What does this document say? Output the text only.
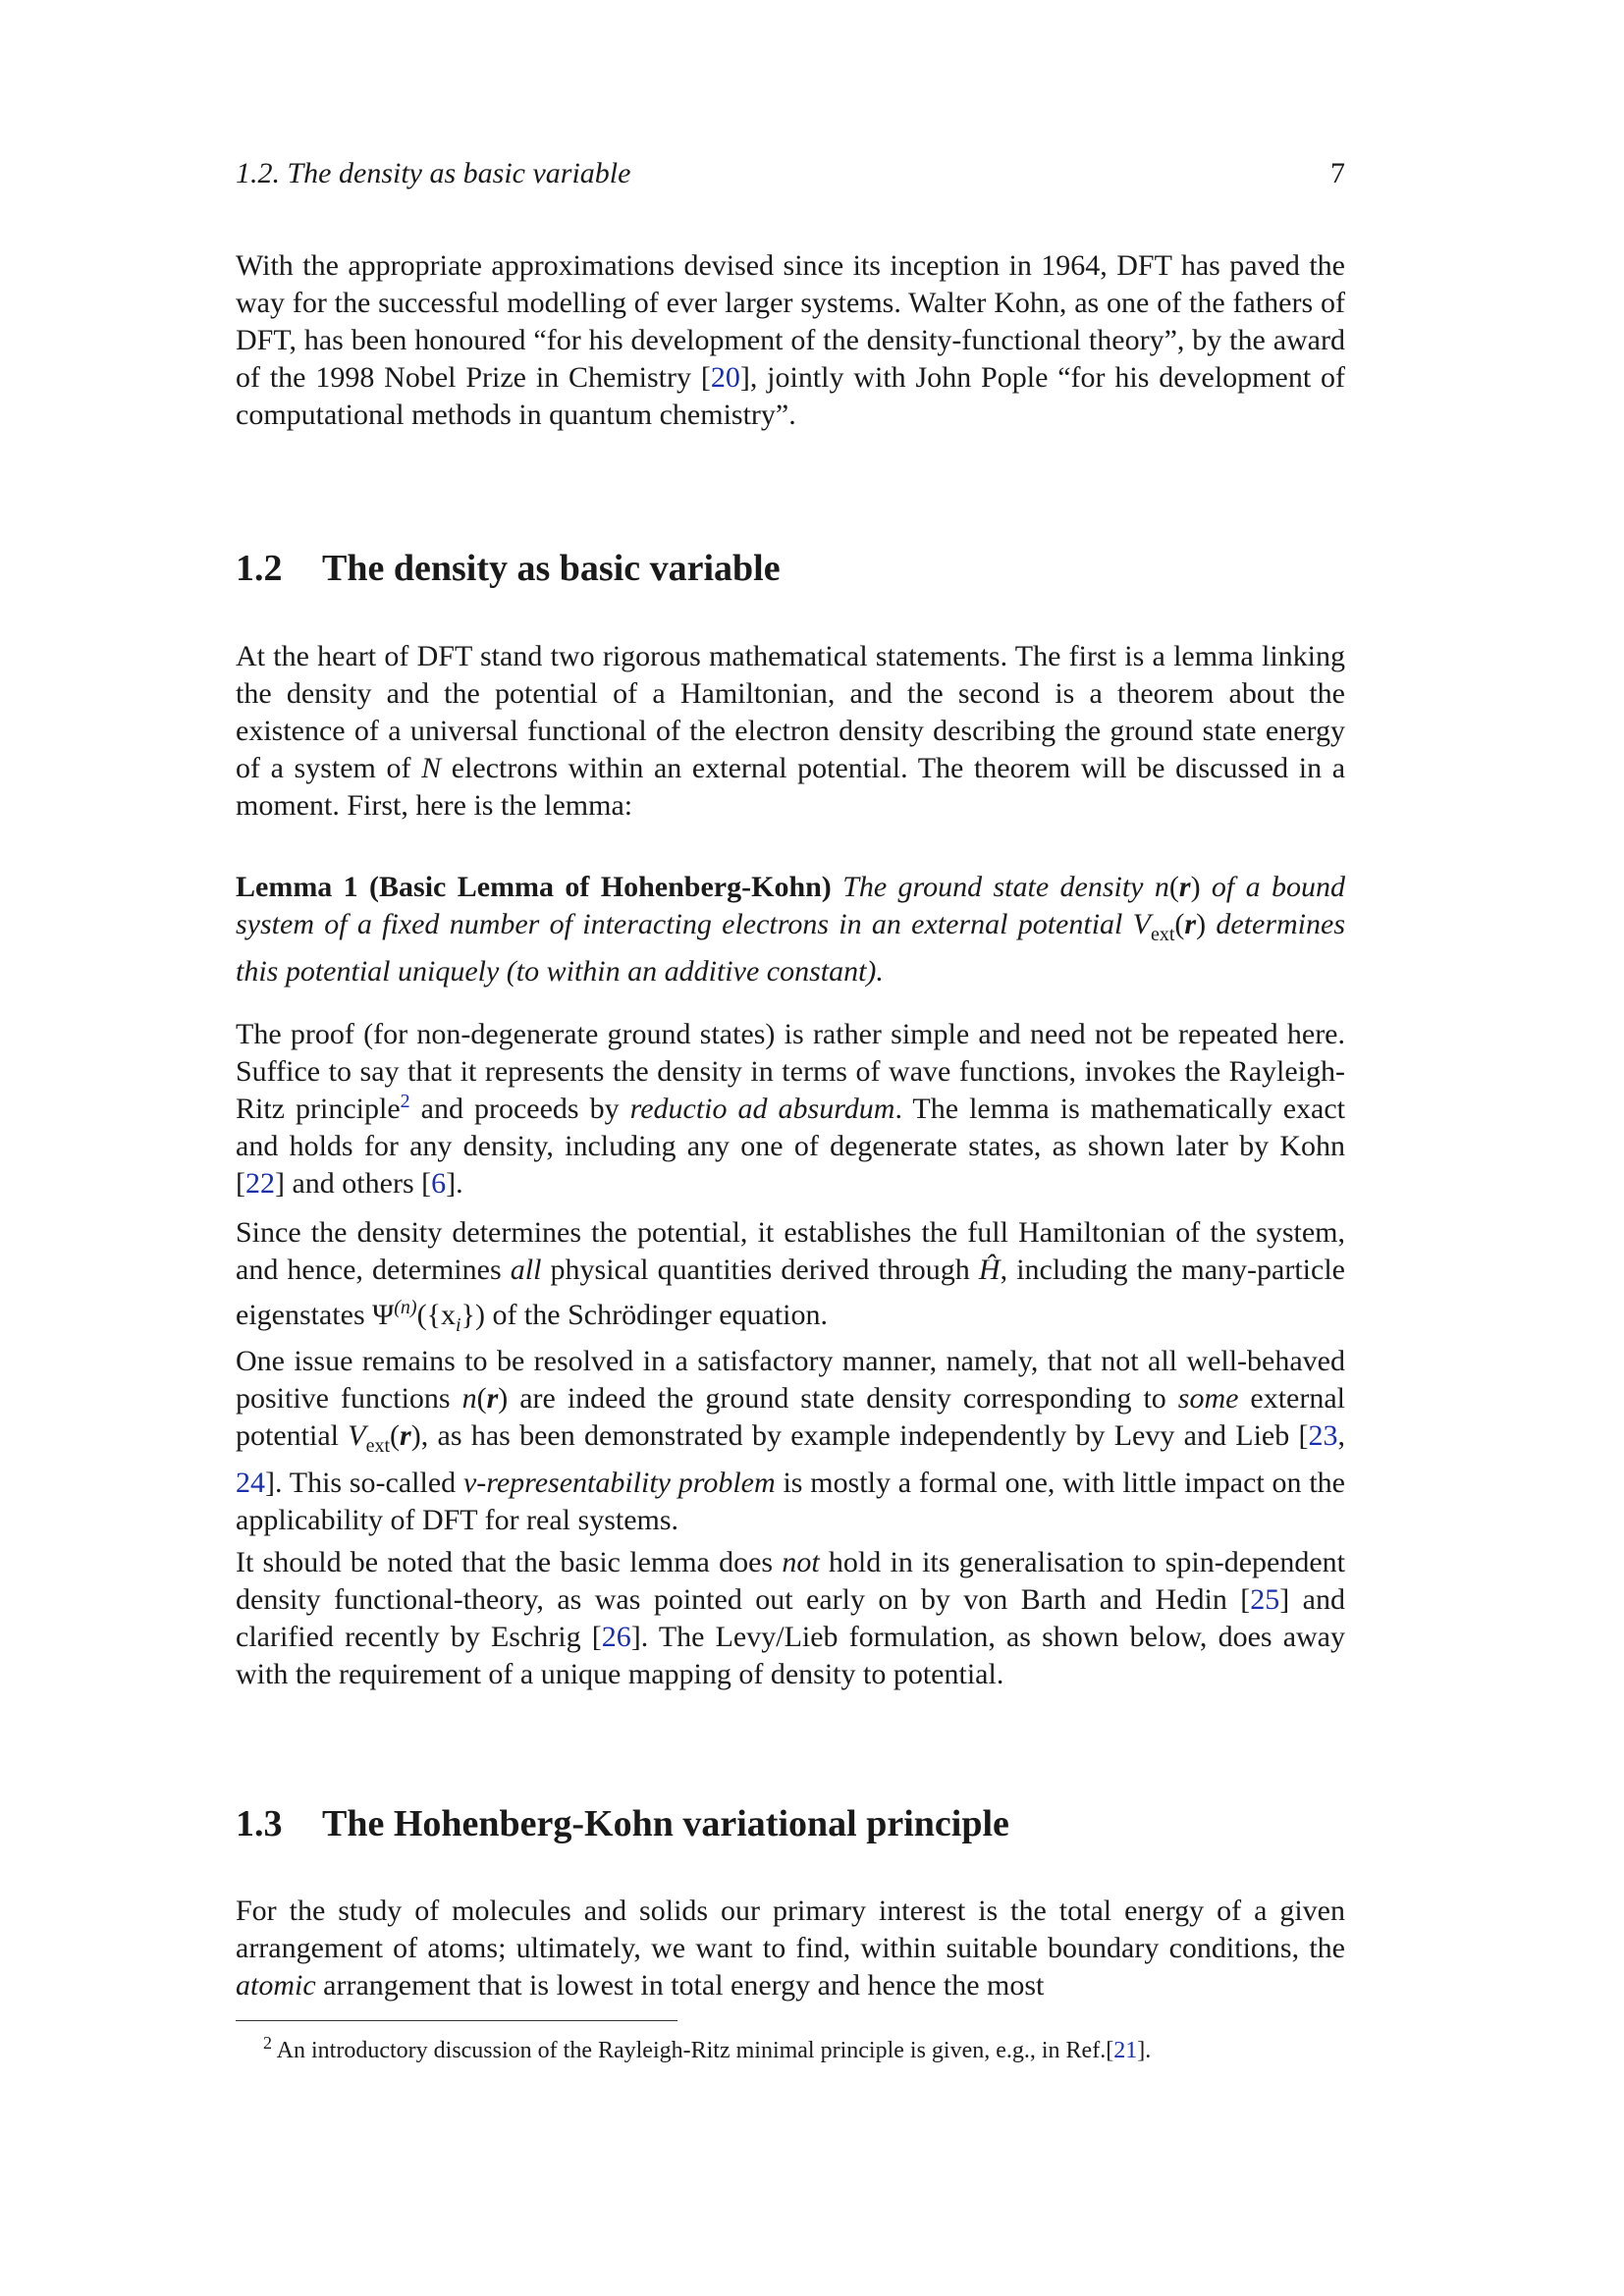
1.2. The density as basic variable	7

With the appropriate approximations devised since its inception in 1964, DFT has paved the way for the successful modelling of ever larger systems. Walter Kohn, as one of the fathers of DFT, has been honoured “for his development of the density-functional theory”, by the award of the 1998 Nobel Prize in Chemistry [20], jointly with John Pople “for his development of computational methods in quantum chemistry”.

1.2 The density as basic variable

At the heart of DFT stand two rigorous mathematical statements. The first is a lemma linking the density and the potential of a Hamiltonian, and the second is a theorem about the existence of a universal functional of the electron density describing the ground state energy of a system of N electrons within an external potential. The theorem will be discussed in a moment. First, here is the lemma:

Lemma 1 (Basic Lemma of Hohenberg-Kohn) The ground state density n(r) of a bound system of a fixed number of interacting electrons in an external potential $V_{ext}(r)$ determines this potential uniquely (to within an additive constant).

The proof (for non-degenerate ground states) is rather simple and need not be repeated here. Suffice to say that it represents the density in terms of wave functions, invokes the Rayleigh-Ritz principle$^2$ and proceeds by reductio ad absurdum. The lemma is mathematically exact and holds for any density, including any one of degenerate states, as shown later by Kohn [22] and others [6].

Since the density determines the potential, it establishes the full Hamiltonian of the system, and hence, determines all physical quantities derived through Ĥ, including the many-particle eigenstates $\Psi^{(n)}(\{x_i\})$ of the Schrödinger equation.

One issue remains to be resolved in a satisfactory manner, namely, that not all well-behaved positive functions n(r) are indeed the ground state density corresponding to some external potential $V_{ext}(r)$, as has been demonstrated by example independently by Levy and Lieb [23, 24]. This so-called v-representability problem is mostly a formal one, with little impact on the applicability of DFT for real systems.

It should be noted that the basic lemma does not hold in its generalisation to spin-dependent density functional-theory, as was pointed out early on by von Barth and Hedin [25] and clarified recently by Eschrig [26]. The Levy/Lieb formulation, as shown below, does away with the requirement of a unique mapping of density to potential.

1.3 The Hohenberg-Kohn variational principle

For the study of molecules and solids our primary interest is the total energy of a given arrangement of atoms; ultimately, we want to find, within suitable boundary conditions, the atomic arrangement that is lowest in total energy and hence the most

$^2$ An introductory discussion of the Rayleigh-Ritz minimal principle is given, e.g., in Ref.[21].
